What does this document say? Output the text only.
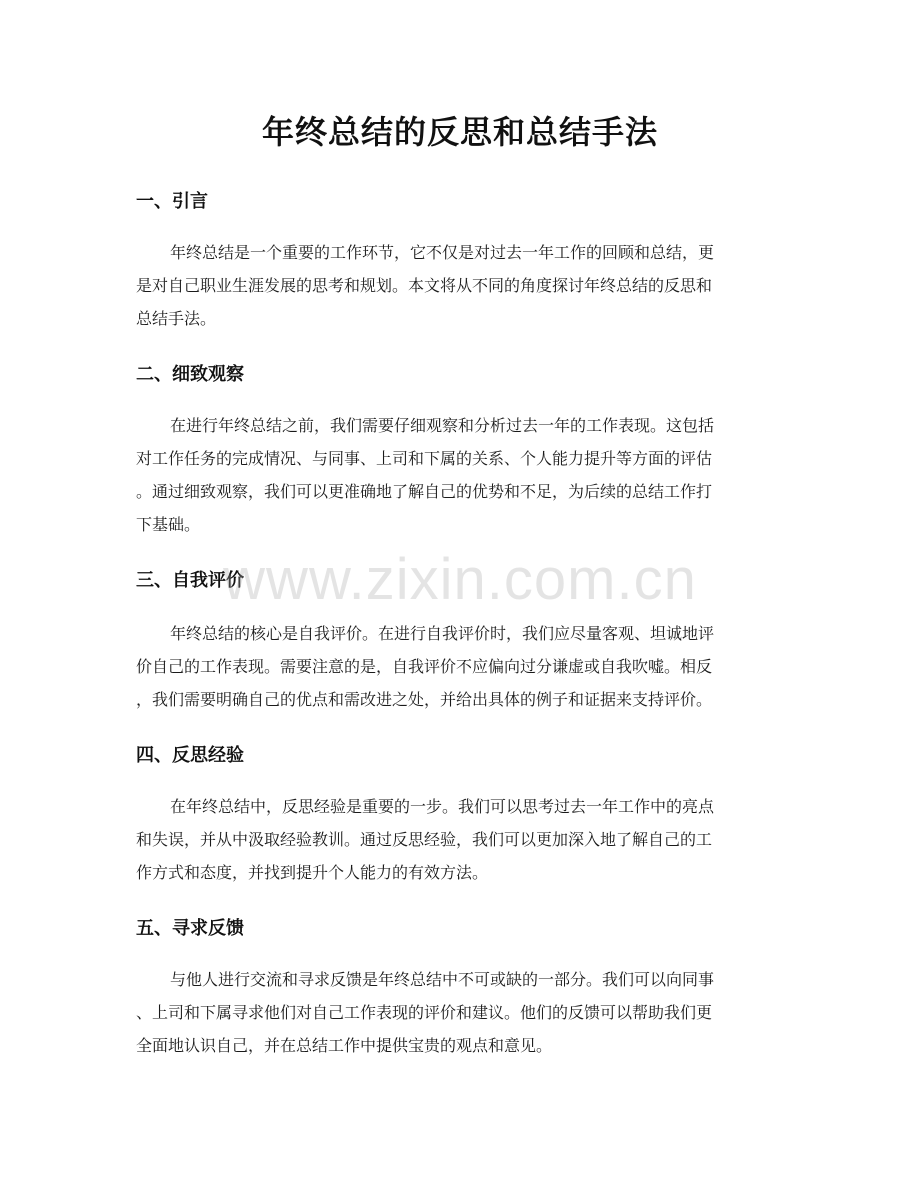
年终总结的反思和总结手法
一、引言
年终总结是一个重要的工作环节，它不仅是对过去一年工作的回顾和总结，更
是对自己职业生涯发展的思考和规划。本文将从不同的角度探讨年终总结的反思和
总结手法。
二、细致观察
在进行年终总结之前，我们需要仔细观察和分析过去一年的工作表现。这包括
对工作任务的完成情况、与同事、上司和下属的关系、个人能力提升等方面的评估
。通过细致观察，我们可以更准确地了解自己的优势和不足，为后续的总结工作打
下基础。
三、自我评价
年终总结的核心是自我评价。在进行自我评价时，我们应尽量客观、坦诚地评
价自己的工作表现。需要注意的是，自我评价不应偏向过分谦虚或自我吹嘘。相反
，我们需要明确自己的优点和需改进之处，并给出具体的例子和证据来支持评价。
四、反思经验
在年终总结中，反思经验是重要的一步。我们可以思考过去一年工作中的亮点
和失误，并从中汲取经验教训。通过反思经验，我们可以更加深入地了解自己的工
作方式和态度，并找到提升个人能力的有效方法。
五、寻求反馈
与他人进行交流和寻求反馈是年终总结中不可或缺的一部分。我们可以向同事
、上司和下属寻求他们对自己工作表现的评价和建议。他们的反馈可以帮助我们更
全面地认识自己，并在总结工作中提供宝贵的观点和意见。
www.zixin.com.cn
